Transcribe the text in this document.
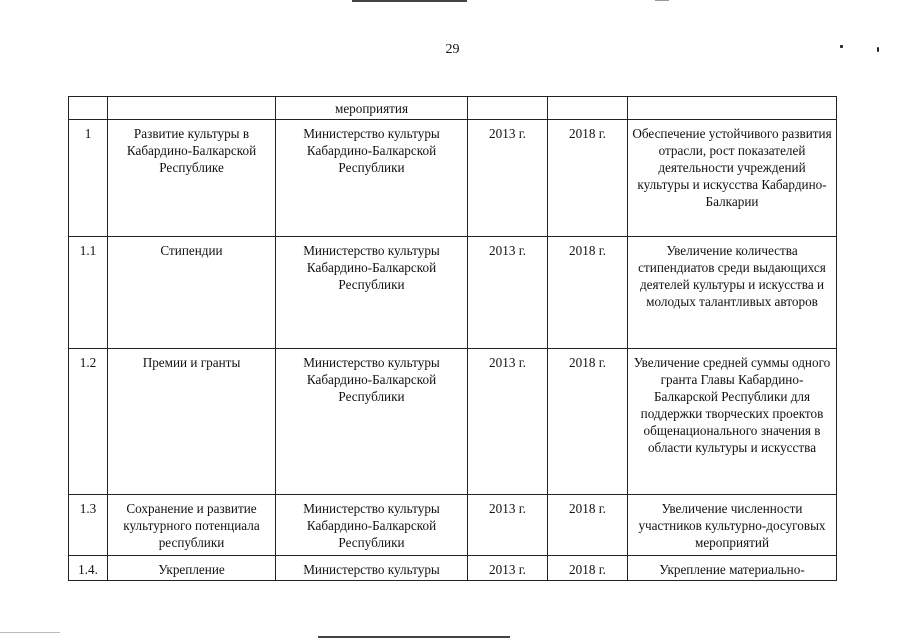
29
		мероприятия			
1	Развитие культуры в Кабардино-Балкарской Республике	Министерство культуры Кабардино-Балкарской Республики	2013 г.	2018 г.	Обеспечение устойчивого развития отрасли, рост показателей деятельности учреждений культуры и искусства Кабардино-Балкарии
1.1	Стипендии	Министерство культуры Кабардино-Балкарской Республики	2013 г.	2018 г.	Увеличение количества стипендиатов среди выдающихся деятелей культуры и искусства и молодых талантливых авторов
1.2	Премии и гранты	Министерство культуры Кабардино-Балкарской Республики	2013 г.	2018 г.	Увеличение средней суммы одного гранта Главы Кабардино-Балкарской Республики для поддержки творческих проектов общенационального значения в области культуры и искусства
1.3	Сохранение и развитие культурного потенциала республики	Министерство культуры Кабардино-Балкарской Республики	2013 г.	2018 г.	Увеличение численности участников культурно-досуговых мероприятий
1.4.	Укрепление	Министерство культуры	2013 г.	2018 г.	Укрепление материально-
